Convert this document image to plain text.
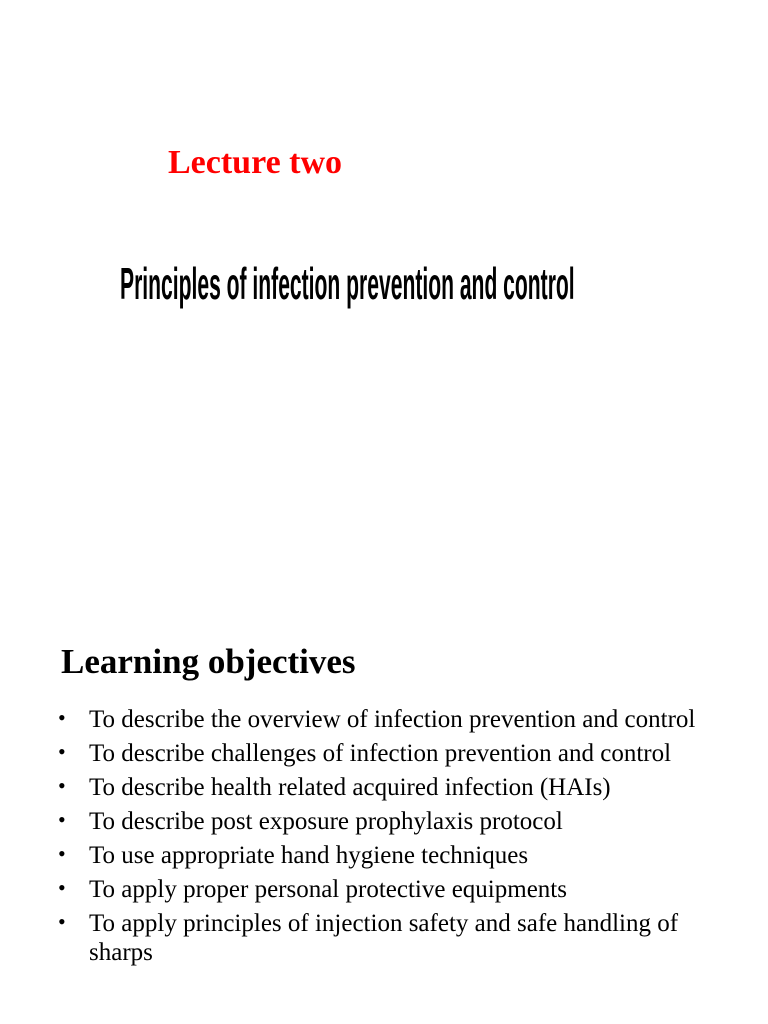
Lecture two
Principles of infection prevention and control
Learning objectives
• To describe the overview of infection prevention and control
• To describe challenges of infection prevention and control
• To describe health related acquired infection (HAIs)
• To describe post exposure prophylaxis protocol
• To use appropriate hand hygiene techniques
• To apply proper personal protective equipments
• To apply principles of injection safety and safe handling of sharps
